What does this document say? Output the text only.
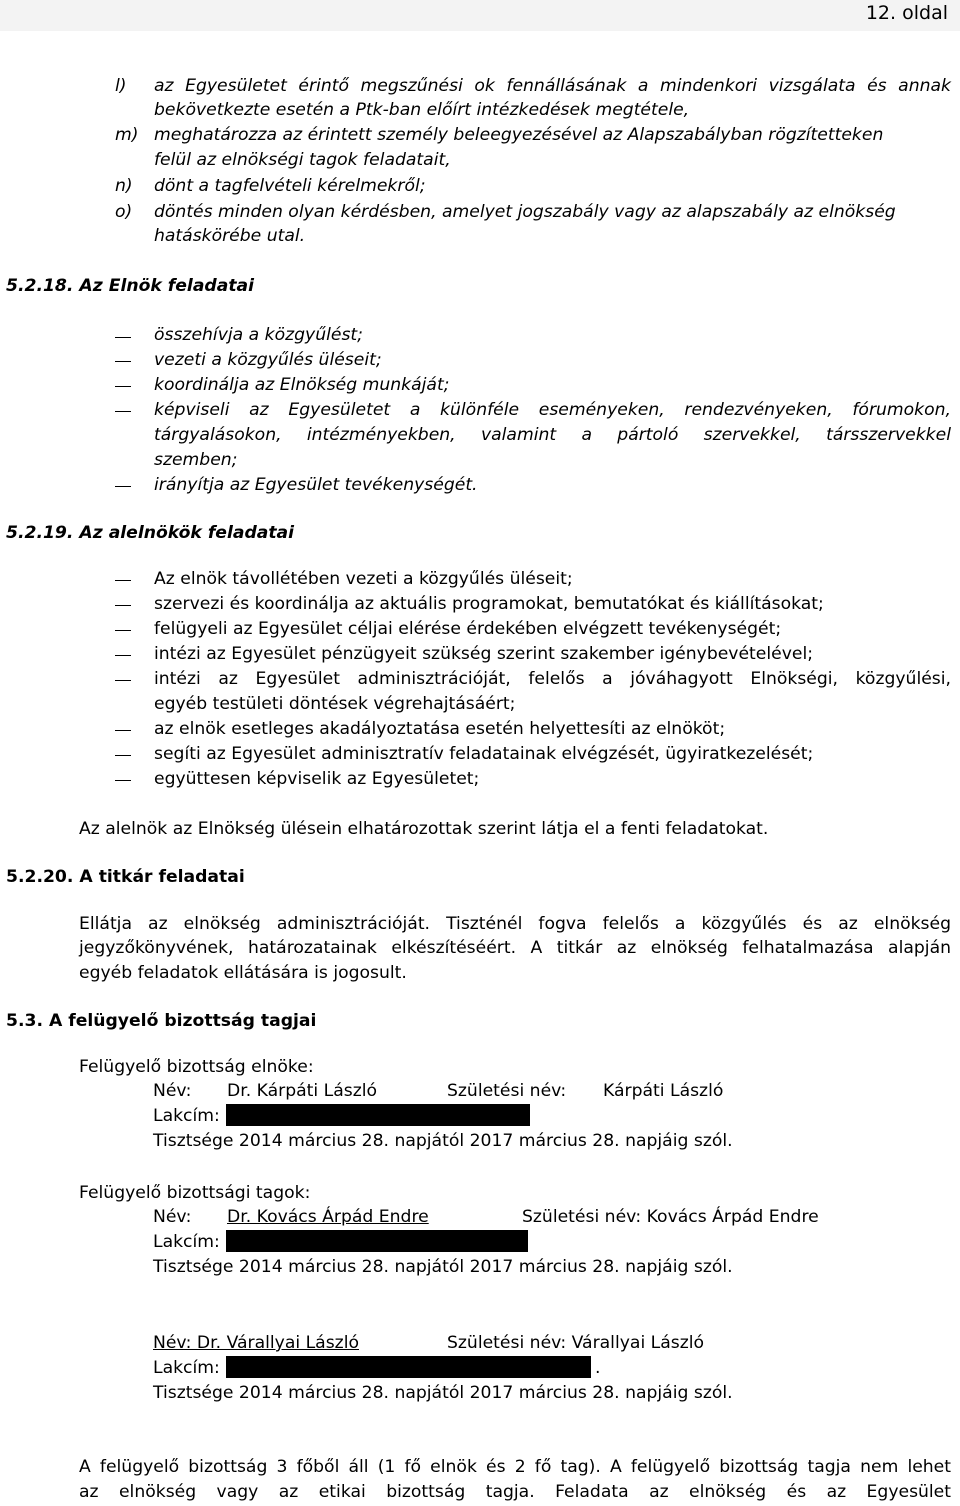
12. oldal
l) az Egyesületet érintő megszűnési ok fennállásának a mindenkori vizsgálata és annak
bekövetkezte esetén a Ptk-ban előírt intézkedések megtétele,
m) meghatározza az érintett személy beleegyezésével az Alapszabályban rögzítetteken
felül az elnökségi tagok feladatait,
n) dönt a tagfelvételi kérelmekről;
o) döntés minden olyan kérdésben, amelyet jogszabály vagy az alapszabály az elnökség
hatáskörébe utal.
5.2.18. Az Elnök feladatai
összehívja a közgyűlést;
vezeti a közgyűlés üléseit;
koordinálja az Elnökség munkáját;
képviseli az Egyesületet a különféle eseményeken, rendezvényeken, fórumokon,
tárgyalásokon, intézményekben, valamint a pártoló szervekkel, társszervekkel
szemben;
irányítja az Egyesület tevékenységét.
5.2.19. Az alelnökök feladatai
Az elnök távollétében vezeti a közgyűlés üléseit;
szervezi és koordinálja az aktuális programokat, bemutatókat és kiállításokat;
felügyeli az Egyesület céljai elérése érdekében elvégzett tevékenységét;
intézi az Egyesület pénzügyeit szükség szerint szakember igénybevételével;
intézi az Egyesület adminisztrációját, felelős a jóváhagyott Elnökségi, közgyűlési,
egyéb testületi döntések végrehajtásáért;
az elnök esetleges akadályoztatása esetén helyettesíti az elnököt;
segíti az Egyesület adminisztratív feladatainak elvégzését, ügyiratkezelését;
együttesen képviselik az Egyesületet;
Az alelnök az Elnökség ülésein elhatározottak szerint látja el a fenti feladatokat.
5.2.20. A titkár feladatai
Ellátja az elnökség adminisztrációját. Tiszténél fogva felelős a közgyűlés és az elnökség
jegyzőkönyvének, határozatainak elkészítéséért. A titkár az elnökség felhatalmazása alapján
egyéb feladatok ellátására is jogosult.
5.3. A felügyelő bizottság tagjai
Felügyelő bizottság elnöke:
Név: Dr. Kárpáti László	Születési név: Kárpáti László
Lakcím:
Tisztsége 2014 március 28. napjától 2017 március 28. napjáig szól.
Felügyelő bizottsági tagok:
Név: Dr. Kovács Árpád Endre	Születési név: Kovács Árpád Endre
Lakcím:
Tisztsége 2014 március 28. napjától 2017 március 28. napjáig szól.
Név: Dr. Várallyai László	Születési név: Várallyai László
Lakcím:	.
Tisztsége 2014 március 28. napjától 2017 március 28. napjáig szól.
A felügyelő bizottság 3 főből áll (1 fő elnök és 2 fő tag). A felügyelő bizottság tagja nem lehet
az elnökség vagy az etikai bizottság tagja. Feladata az elnökség és az Egyesület
